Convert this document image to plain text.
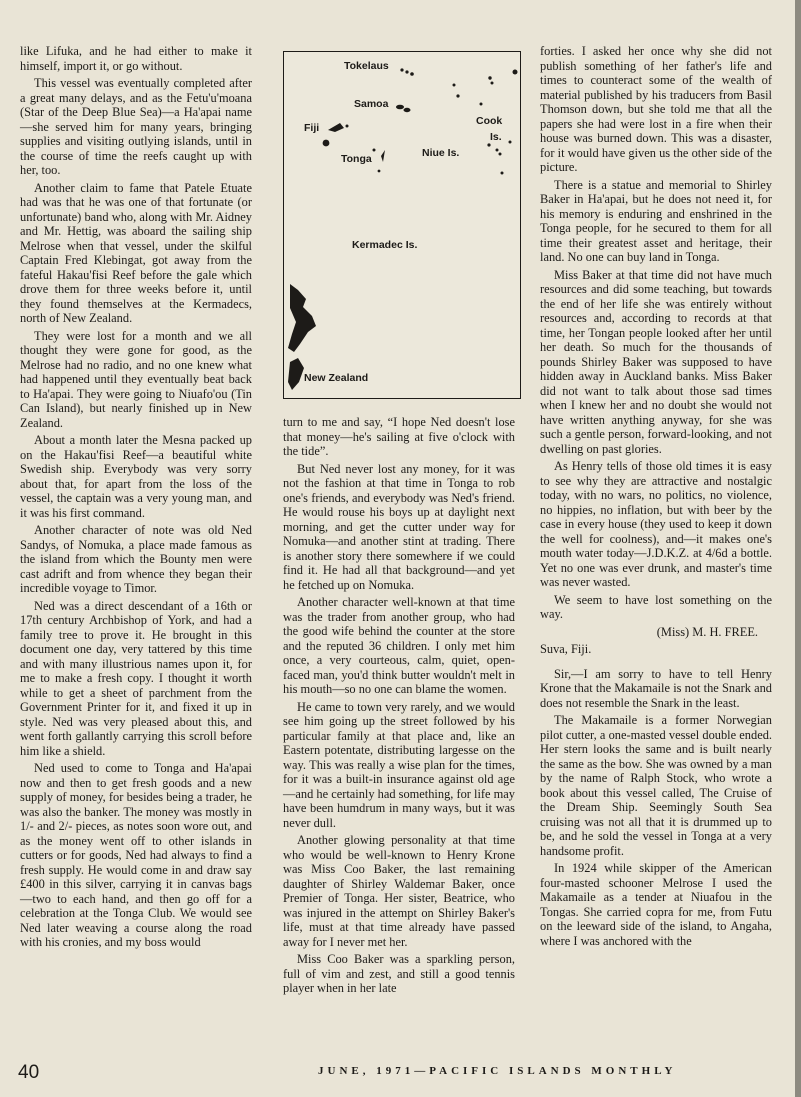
like Lifuka, and he had either to make it himself, import it, or go without.

This vessel was eventually completed after a great many delays, and as the Fetu'u'moana (Star of the Deep Blue Sea)—a Ha'apai name—she served him for many years, bringing supplies and visiting outlying islands, until in the course of time the reefs caught up with her, too.

Another claim to fame that Patele Etuate had was that he was one of that fortunate (or unfortunate) band who, along with Mr. Aidney and Mr. Hettig, was aboard the sailing ship Melrose when that vessel, under the skilful Captain Fred Klebingat, got away from the fateful Hakau'fisi Reef before the gale which drove them for three weeks before it, until they found themselves at the Kermadecs, north of New Zealand.

They were lost for a month and we all thought they were gone for good, as the Melrose had no radio, and no one knew what had happened until they eventually beat back to Ha'apai. They were going to Niuafo'ou (Tin Can Island), but nearly finished up in New Zealand.

About a month later the Mesna packed up on the Hakau'fisi Reef—a beautiful white Swedish ship. Everybody was very sorry about that, for apart from the loss of the vessel, the captain was a very young man, and it was his first command.

Another character of note was old Ned Sandys, of Nomuka, a place made famous as the island from which the Bounty men were cast adrift and from whence they began their incredible voyage to Timor.

Ned was a direct descendant of a 16th or 17th century Archbishop of York, and had a family tree to prove it. He brought in this document one day, very tattered by this time and with many illustrious names upon it, for me to make a fresh copy. I thought it worth while to get a sheet of parchment from the Government Printer for it, and fixed it up in style. Ned was very pleased about this, and went forth gallantly carrying this scroll before him like a shield.

Ned used to come to Tonga and Ha'apai now and then to get fresh goods and a new supply of money, for besides being a trader, he was also the banker. The money was mostly in 1/- and 2/- pieces, as notes soon wore out, and as the money went off to other islands in cutters or for goods, Ned had always to find a fresh supply. He would come in and draw say £400 in this silver, carrying it in canvas bags—two to each hand, and then go off for a celebration at the Tonga Club. We would see Ned later weaving a course along the road with his cronies, and my boss would

Tokelaus
Samoa
Fiji
Cook
Is.
Niue Is.
Tonga
Kermadec Is.
New Zealand

turn to me and say, “I hope Ned doesn't lose that money—he's sailing at five o'clock with the tide”.

But Ned never lost any money, for it was not the fashion at that time in Tonga to rob one's friends, and everybody was Ned's friend. He would rouse his boys up at daylight next morning, and get the cutter under way for Nomuka—and another stint at trading. There is another story there somewhere if we could find it. He had all that background—and yet he fetched up on Nomuka.

Another character well-known at that time was the trader from another group, who had the good wife behind the counter at the store and the reputed 36 children. I only met him once, a very courteous, calm, quiet, open-faced man, you'd think butter wouldn't melt in his mouth—so no one can blame the women.

He came to town very rarely, and we would see him going up the street followed by his particular family at that place and, like an Eastern potentate, distributing largesse on the way. This was really a wise plan for the times, for it was a built-in insurance against old age—and he certainly had something, for life may have been humdrum in many ways, but it was never dull.

Another glowing personality at that time who would be well-known to Henry Krone was Miss Coo Baker, the last remaining daughter of Shirley Waldemar Baker, once Premier of Tonga. Her sister, Beatrice, who was injured in the attempt on Shirley Baker's life, must at that time already have passed away for I never met her.

Miss Coo Baker was a sparkling person, full of vim and zest, and still a good tennis player when in her late

forties. I asked her once why she did not publish something of her father's life and times to counteract some of the wealth of material published by his traducers from Basil Thomson down, but she told me that all the papers she had were lost in a fire when their house was burned down. This was a disaster, for it would have given us the other side of the picture.

There is a statue and memorial to Shirley Baker in Ha'apai, but he does not need it, for his memory is enduring and enshrined in the Tonga people, for he secured to them for all time their greatest asset and heritage, their land. No one can buy land in Tonga.

Miss Baker at that time did not have much resources and did some teaching, but towards the end of her life she was entirely without resources and, according to records at that time, her Tongan people looked after her until her death. So much for the thousands of pounds Shirley Baker was supposed to have hidden away in Auckland banks. Miss Baker did not want to talk about those sad times when I knew her and no doubt she would not have written anything anyway, for she was such a gentle person, forward-looking, and not dwelling on past glories.

As Henry tells of those old times it is easy to see why they are attractive and nostalgic today, with no wars, no politics, no violence, no hippies, no inflation, but with beer by the case in every house (they used to keep it down the well for coolness), and—it makes one's mouth water today—J.D.K.Z. at 4/6d a bottle. Yet no one was ever drunk, and master's time was never wasted.

We seem to have lost something on the way.

(Miss) M. H. FREE.

Suva, Fiji.

Sir,—I am sorry to have to tell Henry Krone that the Makamaile is not the Snark and does not resemble the Snark in the least.

The Makamaile is a former Norwegian pilot cutter, a one-masted vessel double ended. Her stern looks the same and is built nearly the same as the bow. She was owned by a man by the name of Ralph Stock, who wrote a book about this vessel called, The Cruise of the Dream Ship. Seemingly South Sea cruising was not all that it is drummed up to be, and he sold the vessel in Tonga at a very handsome profit.

In 1924 while skipper of the American four-masted schooner Melrose I used the Makamaile as a tender at Niuafou in the Tongas. She carried copra for me, from Futu on the leeward side of the island, to Angaha, where I was anchored with the

40	JUNE, 1971—PACIFIC ISLANDS MONTHLY
